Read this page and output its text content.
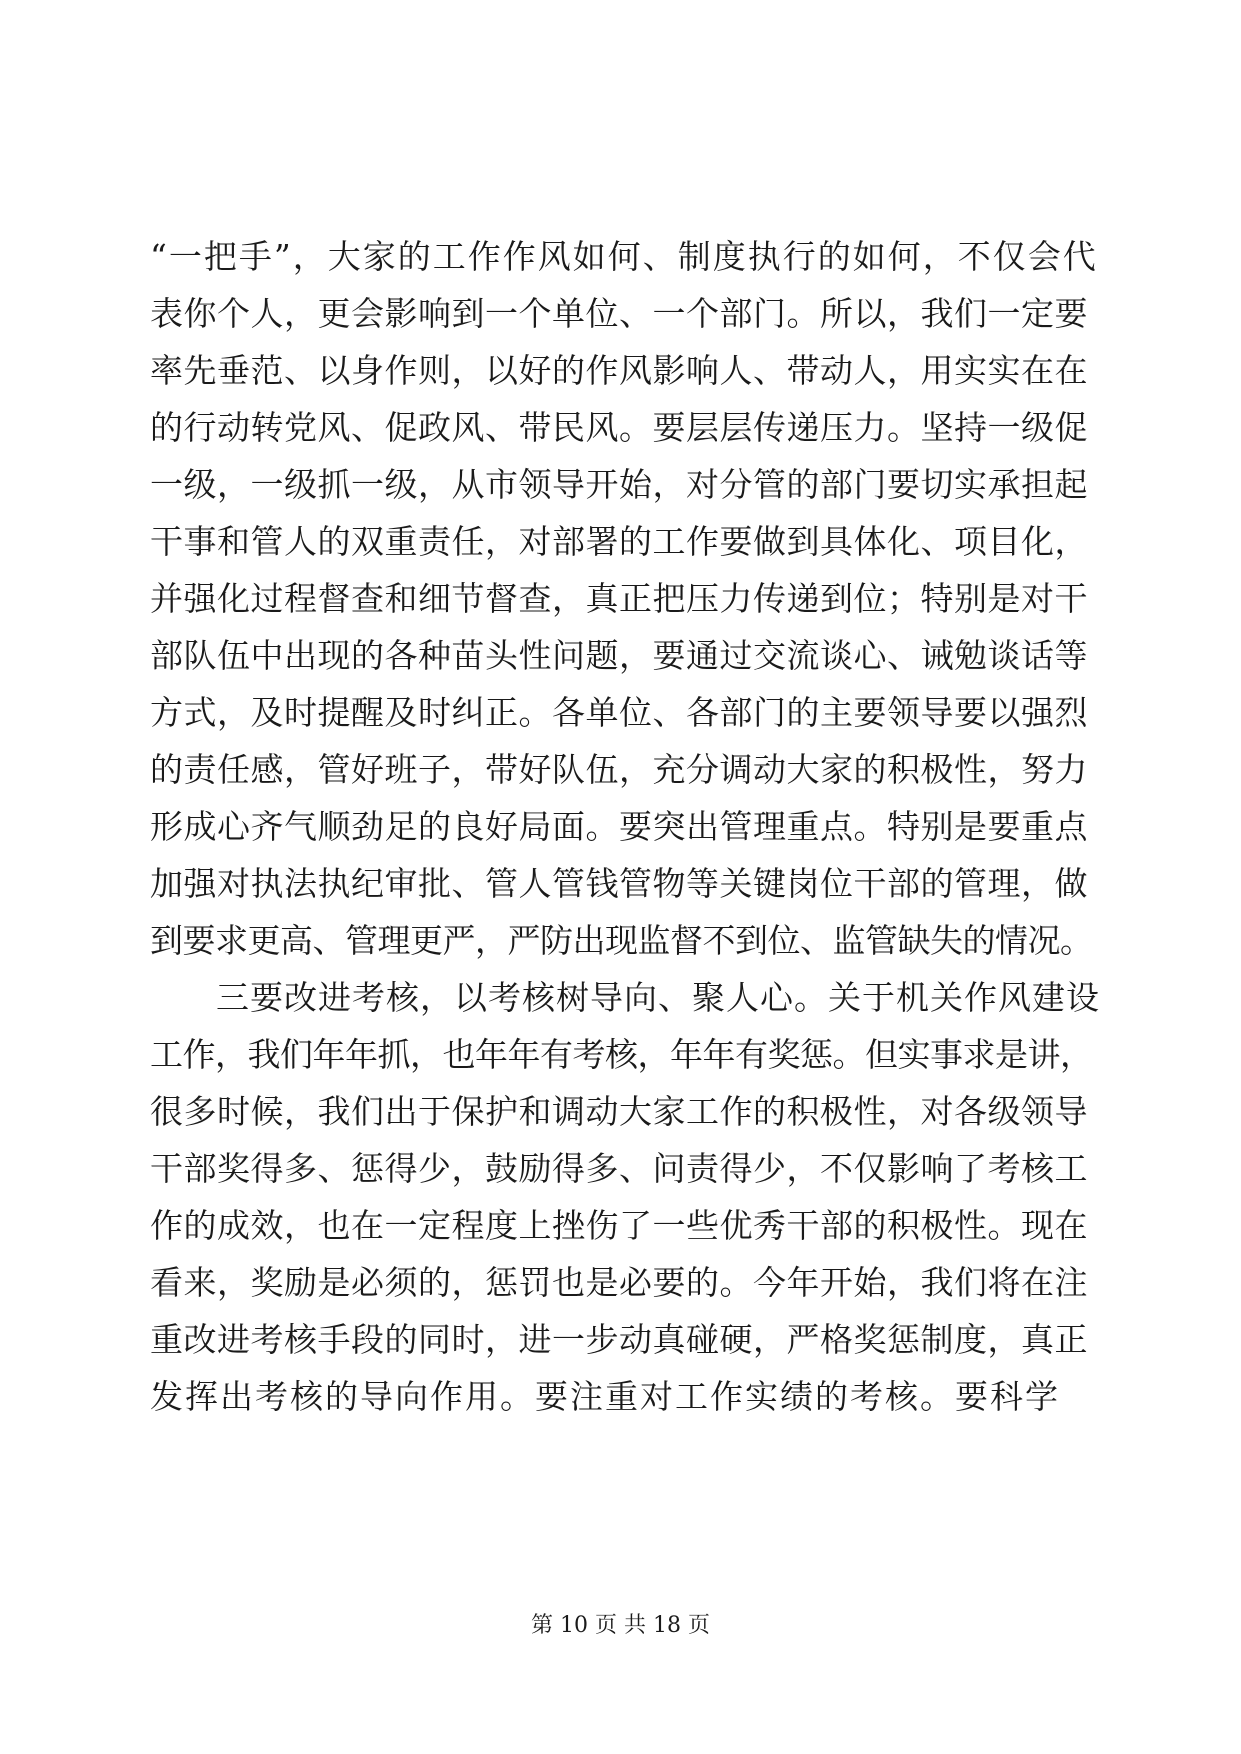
“一把手”，大家的工作作风如何、制度执行的如何，不仅会代
表你个人，更会影响到一个单位、一个部门。所以，我们一定要
率先垂范、以身作则，以好的作风影响人、带动人，用实实在在
的行动转党风、促政风、带民风。要层层传递压力。坚持一级促
一级，一级抓一级，从市领导开始，对分管的部门要切实承担起
干事和管人的双重责任，对部署的工作要做到具体化、项目化，
并强化过程督查和细节督查，真正把压力传递到位；特别是对干
部队伍中出现的各种苗头性问题，要通过交流谈心、诫勉谈话等
方式，及时提醒及时纠正。各单位、各部门的主要领导要以强烈
的责任感，管好班子，带好队伍，充分调动大家的积极性，努力
形成心齐气顺劲足的良好局面。要突出管理重点。特别是要重点
加强对执法执纪审批、管人管钱管物等关键岗位干部的管理，做
到要求更高、管理更严，严防出现监督不到位、监管缺失的情况。
三要改进考核，以考核树导向、聚人心。关于机关作风建设
工作，我们年年抓，也年年有考核，年年有奖惩。但实事求是讲，
很多时候，我们出于保护和调动大家工作的积极性，对各级领导
干部奖得多、惩得少，鼓励得多、问责得少，不仅影响了考核工
作的成效，也在一定程度上挫伤了一些优秀干部的积极性。现在
看来，奖励是必须的，惩罚也是必要的。今年开始，我们将在注
重改进考核手段的同时，进一步动真碰硬，严格奖惩制度，真正
发挥出考核的导向作用。要注重对工作实绩的考核。要科学
第 10 页 共 18 页
